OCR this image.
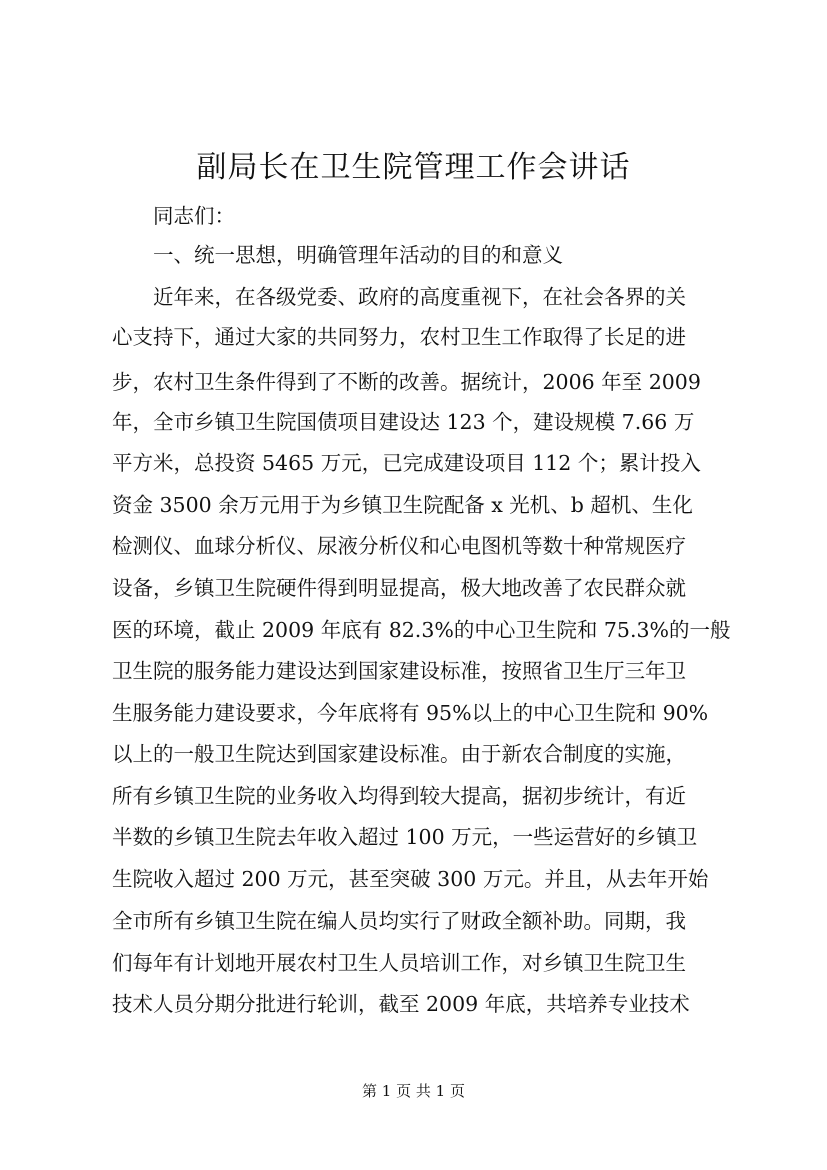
副局长在卫生院管理工作会讲话
同志们：
一、统一思想，明确管理年活动的目的和意义
近年来，在各级党委、政府的高度重视下，在社会各界的关
心支持下，通过大家的共同努力，农村卫生工作取得了长足的进
步，农村卫生条件得到了不断的改善。据统计，2006 年至 2009
年，全市乡镇卫生院国债项目建设达 123 个，建设规模 7.66 万
平方米，总投资 5465 万元，已完成建设项目 112 个；累计投入
资金 3500 余万元用于为乡镇卫生院配备 x 光机、b 超机、生化
检测仪、血球分析仪、尿液分析仪和心电图机等数十种常规医疗
设备，乡镇卫生院硬件得到明显提高，极大地改善了农民群众就
医的环境，截止 2009 年底有 82.3%的中心卫生院和 75.3%的一般
卫生院的服务能力建设达到国家建设标准，按照省卫生厅三年卫
生服务能力建设要求，今年底将有 95%以上的中心卫生院和 90%
以上的一般卫生院达到国家建设标准。由于新农合制度的实施，
所有乡镇卫生院的业务收入均得到较大提高，据初步统计，有近
半数的乡镇卫生院去年收入超过 100 万元，一些运营好的乡镇卫
生院收入超过 200 万元，甚至突破 300 万元。并且，从去年开始
全市所有乡镇卫生院在编人员均实行了财政全额补助。同期，我
们每年有计划地开展农村卫生人员培训工作，对乡镇卫生院卫生
技术人员分期分批进行轮训，截至 2009 年底，共培养专业技术
第 1 页 共 1 页
